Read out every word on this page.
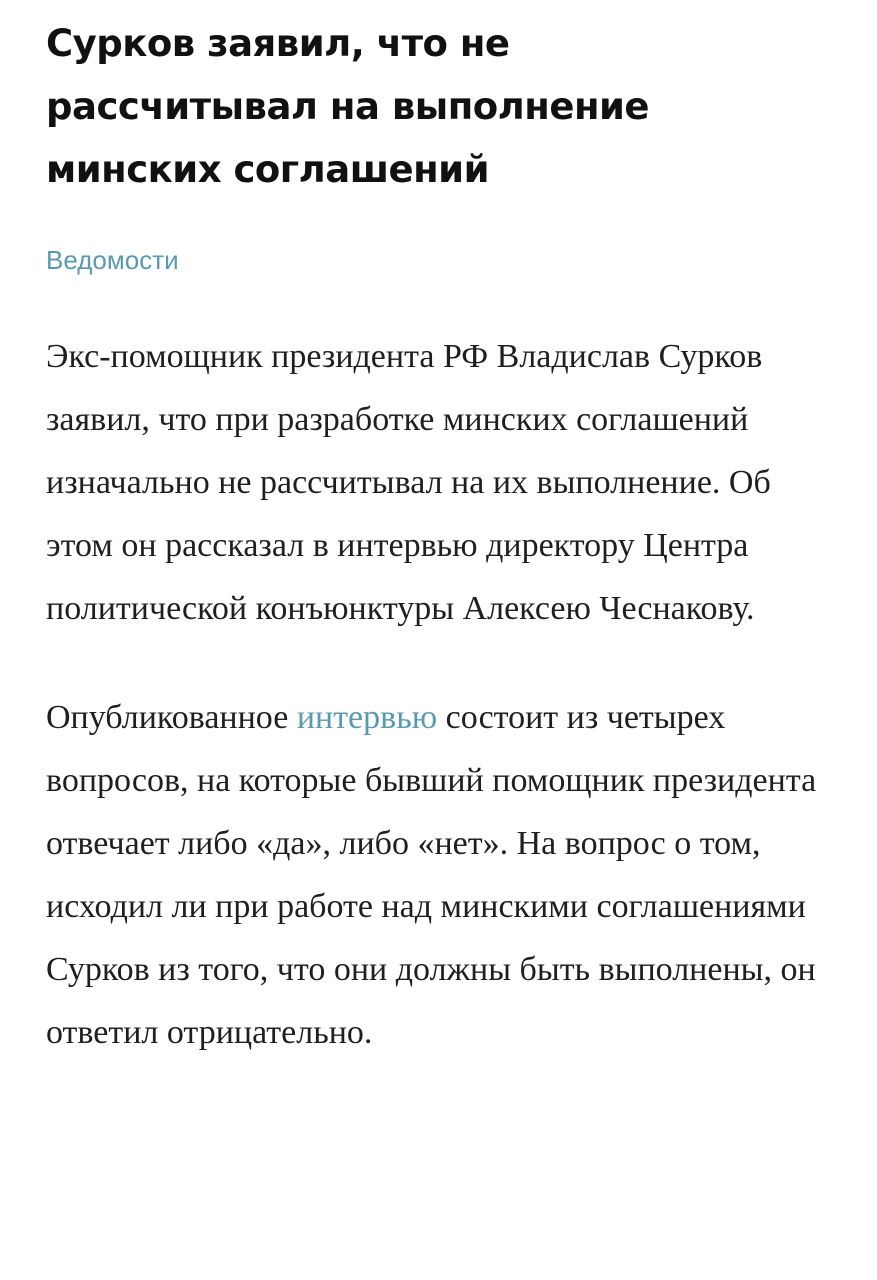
Сурков заявил, что не рассчитывал на выполнение минских соглашений
Ведомости

Экс-помощник президента РФ Владислав Сурков заявил, что при разработке минских соглашений изначально не рассчитывал на их выполнение. Об этом он рассказал в интервью директору Центра политической конъюнктуры Алексею Чеснакову.

Опубликованное интервью состоит из четырех вопросов, на которые бывший помощник президента отвечает либо «да», либо «нет». На вопрос о том, исходил ли при работе над минскими соглашениями Сурков из того, что они должны быть выполнены, он ответил отрицательно.
